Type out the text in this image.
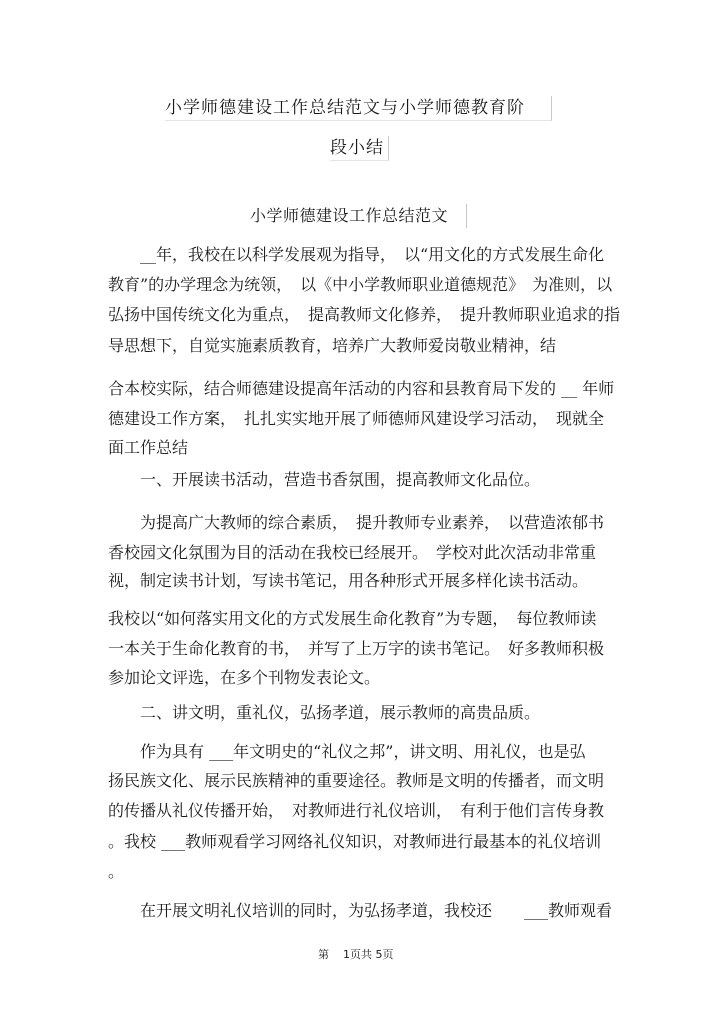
小学师德建设工作总结范文与小学师德教育阶
段小结
小学师德建设工作总结范文
　　__年，我校在以科学发展观为指导，　以“用文化的方式发展生命化
教育”的办学理念为统领，　以《中小学教师职业道德规范》　为准则，以
弘扬中国传统文化为重点，　提高教师文化修养，　提升教师职业追求的指
导思想下，自觉实施素质教育，培养广大教师爱岗敬业精神，结
合本校实际，结合师德建设提高年活动的内容和县教育局下发的 __ 年师
德建设工作方案，　扎扎实实地开展了师德师风建设学习活动，　现就全
面工作总结
　　一、开展读书活动，营造书香氛围，提高教师文化品位。
　　为提高广大教师的综合素质，　提升教师专业素养，　以营造浓郁书
香校园文化氛围为目的活动在我校已经展开。　学校对此次活动非常重
视，制定读书计划，写读书笔记，用各种形式开展多样化读书活动。
我校以“如何落实用文化的方式发展生命化教育”为专题，　每位教师读
一本关于生命化教育的书，　并写了上万字的读书笔记。　好多教师积极
参加论文评选，在多个刊物发表论文。
　　二、讲文明，重礼仪，弘扬孝道，展示教师的高贵品质。
　　作为具有 ___年文明史的“礼仪之邦”，讲文明、用礼仪，也是弘
扬民族文化、展示民族精神的重要途径。教师是文明的传播者，而文明
的传播从礼仪传播开始，　对教师进行礼仪培训，　有利于他们言传身教
。我校 ___教师观看学习网络礼仪知识，对教师进行最基本的礼仪培训
。
　　在开展文明礼仪培训的同时，为弘扬孝道，我校还　　___教师观看
第 1页共 5页
